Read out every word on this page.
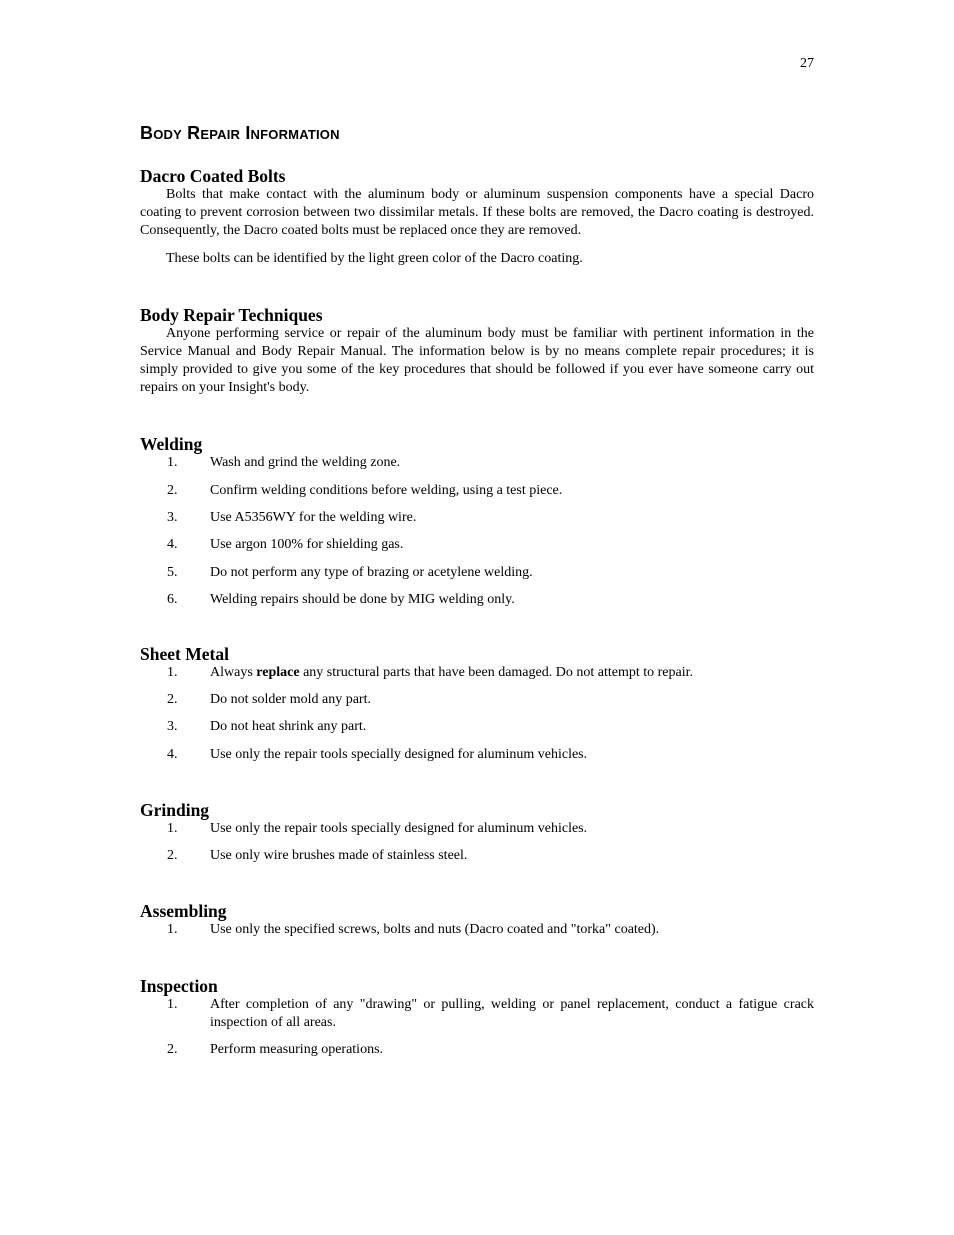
27
Body Repair Information
Dacro Coated Bolts

Bolts that make contact with the aluminum body or aluminum suspension components have a special Dacro coating to prevent corrosion between two dissimilar metals. If these bolts are removed, the Dacro coating is destroyed. Consequently, the Dacro coated bolts must be replaced once they are removed.

These bolts can be identified by the light green color of the Dacro coating.

Body Repair Techniques

Anyone performing service or repair of the aluminum body must be familiar with pertinent information in the Service Manual and Body Repair Manual. The information below is by no means complete repair procedures; it is simply provided to give you some of the key procedures that should be followed if you ever have someone carry out repairs on your Insight's body.

Welding
1. Wash and grind the welding zone.
2. Confirm welding conditions before welding, using a test piece.
3. Use A5356WY for the welding wire.
4. Use argon 100% for shielding gas.
5. Do not perform any type of brazing or acetylene welding.
6. Welding repairs should be done by MIG welding only.
Sheet Metal
1. Always replace any structural parts that have been damaged. Do not attempt to repair.
2. Do not solder mold any part.
3. Do not heat shrink any part.
4. Use only the repair tools specially designed for aluminum vehicles.
Grinding
1. Use only the repair tools specially designed for aluminum vehicles.
2. Use only wire brushes made of stainless steel.
Assembling
1. Use only the specified screws, bolts and nuts (Dacro coated and "torka" coated).
Inspection
1. After completion of any "drawing" or pulling, welding or panel replacement, conduct a fatigue crack inspection of all areas.
2. Perform measuring operations.
